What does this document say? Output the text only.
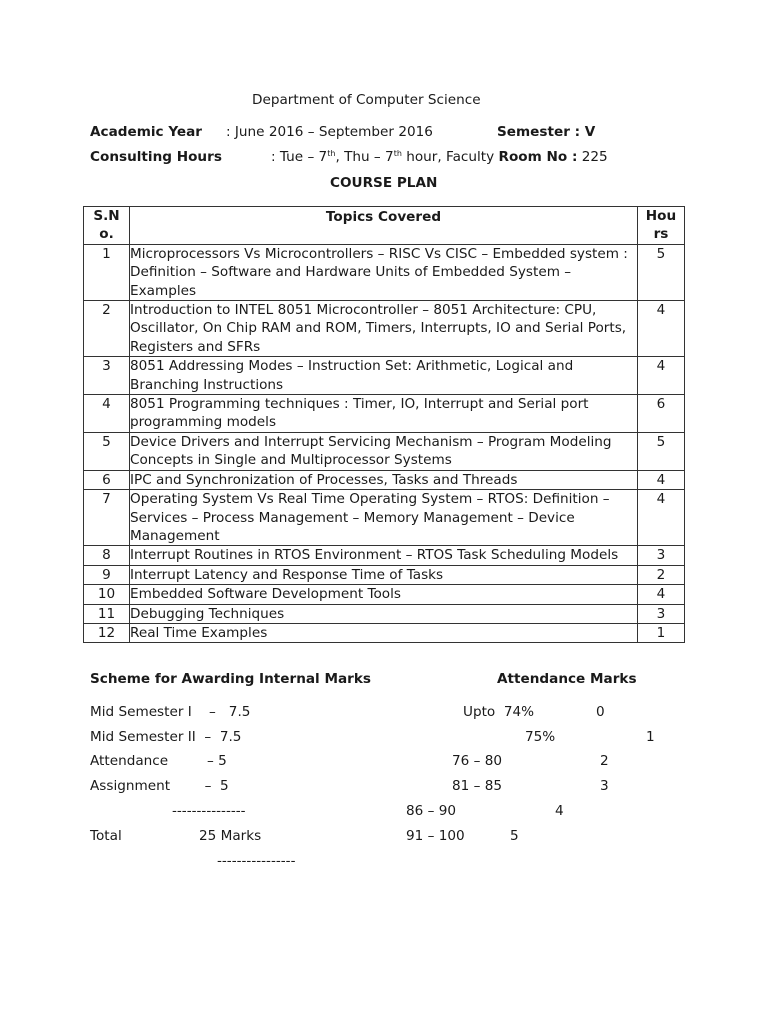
Department of Computer Science
Academic Year : June 2016 – September 2016	Semester : V
Consulting Hours	: Tue – 7th, Thu – 7th hour, Faculty Room No : 225
COURSE PLAN
S.N o.	Topics Covered	Hou rs
1	Microprocessors Vs Microcontrollers – RISC Vs CISC – Embedded system : Definition – Software and Hardware Units of Embedded System – Examples	5
2	Introduction to INTEL 8051 Microcontroller – 8051 Architecture: CPU, Oscillator, On Chip RAM and ROM, Timers, Interrupts, IO and Serial Ports, Registers and SFRs	4
3	8051 Addressing Modes – Instruction Set: Arithmetic, Logical and Branching Instructions	4
4	8051 Programming techniques : Timer, IO, Interrupt and Serial port programming models	6
5	Device Drivers and Interrupt Servicing Mechanism – Program Modeling Concepts in Single and Multiprocessor Systems	5
6	IPC and Synchronization of Processes, Tasks and Threads	4
7	Operating System Vs Real Time Operating System – RTOS: Definition – Services – Process Management – Memory Management – Device Management	4
8	Interrupt Routines in RTOS Environment – RTOS Task Scheduling Models	3
9	Interrupt Latency and Response Time of Tasks	2
10	Embedded Software Development Tools	4
11	Debugging Techniques	3
12	Real Time Examples	1
Scheme for Awarding Internal Marks	Attendance Marks
Mid Semester I    –   7.5
Mid Semester II  –  7.5
Attendance         – 5
Assignment        –  5
---------------
Total	25 Marks
----------------
Upto  74%	0
75%	1
76 – 80	2
81 – 85	3
86 – 90	4
91 – 100	5
